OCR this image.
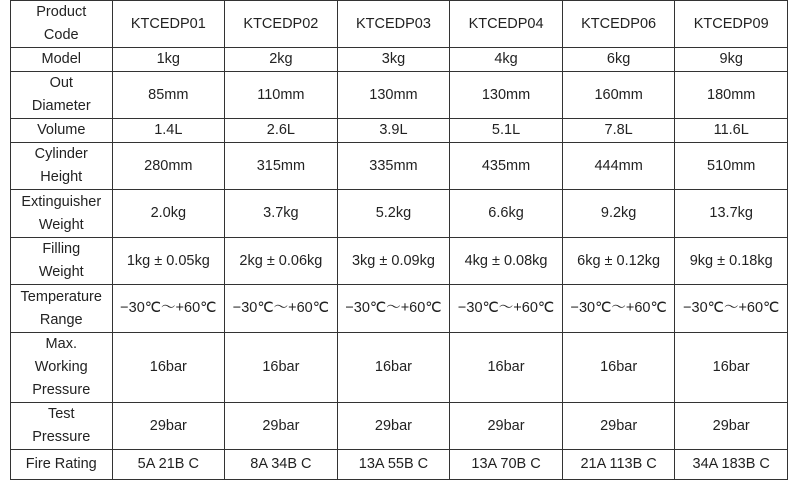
Product
Code	KTCEDP01	KTCEDP02	KTCEDP03	KTCEDP04	KTCEDP06	KTCEDP09

Model	1kg	2kg	3kg	4kg	6kg	9kg

Out
Diameter	85mm	110mm	130mm	130mm	160mm	180mm

Volume	1.4L	2.6L	3.9L	5.1L	7.8L	11.6L

Cylinder
Height	280mm	315mm	335mm	435mm	444mm	510mm

Extinguisher
Weight	2.0kg	3.7kg	5.2kg	6.6kg	9.2kg	13.7kg

Filling
Weight	1kg ± 0.05kg	2kg ± 0.06kg	3kg ± 0.09kg	4kg ± 0.08kg	6kg ± 0.12kg	9kg ± 0.18kg

Temperature
Range	−30℃～+60℃	−30℃～+60℃	−30℃～+60℃	−30℃～+60℃	−30℃～+60℃	−30℃～+60℃

Max.
Working
Pressure	16bar	16bar	16bar	16bar	16bar	16bar

Test
Pressure	29bar	29bar	29bar	29bar	29bar	29bar

Fire Rating	5A 21B C	8A 34B C	13A 55B C	13A 70B C	21A 113B C	34A 183B C
